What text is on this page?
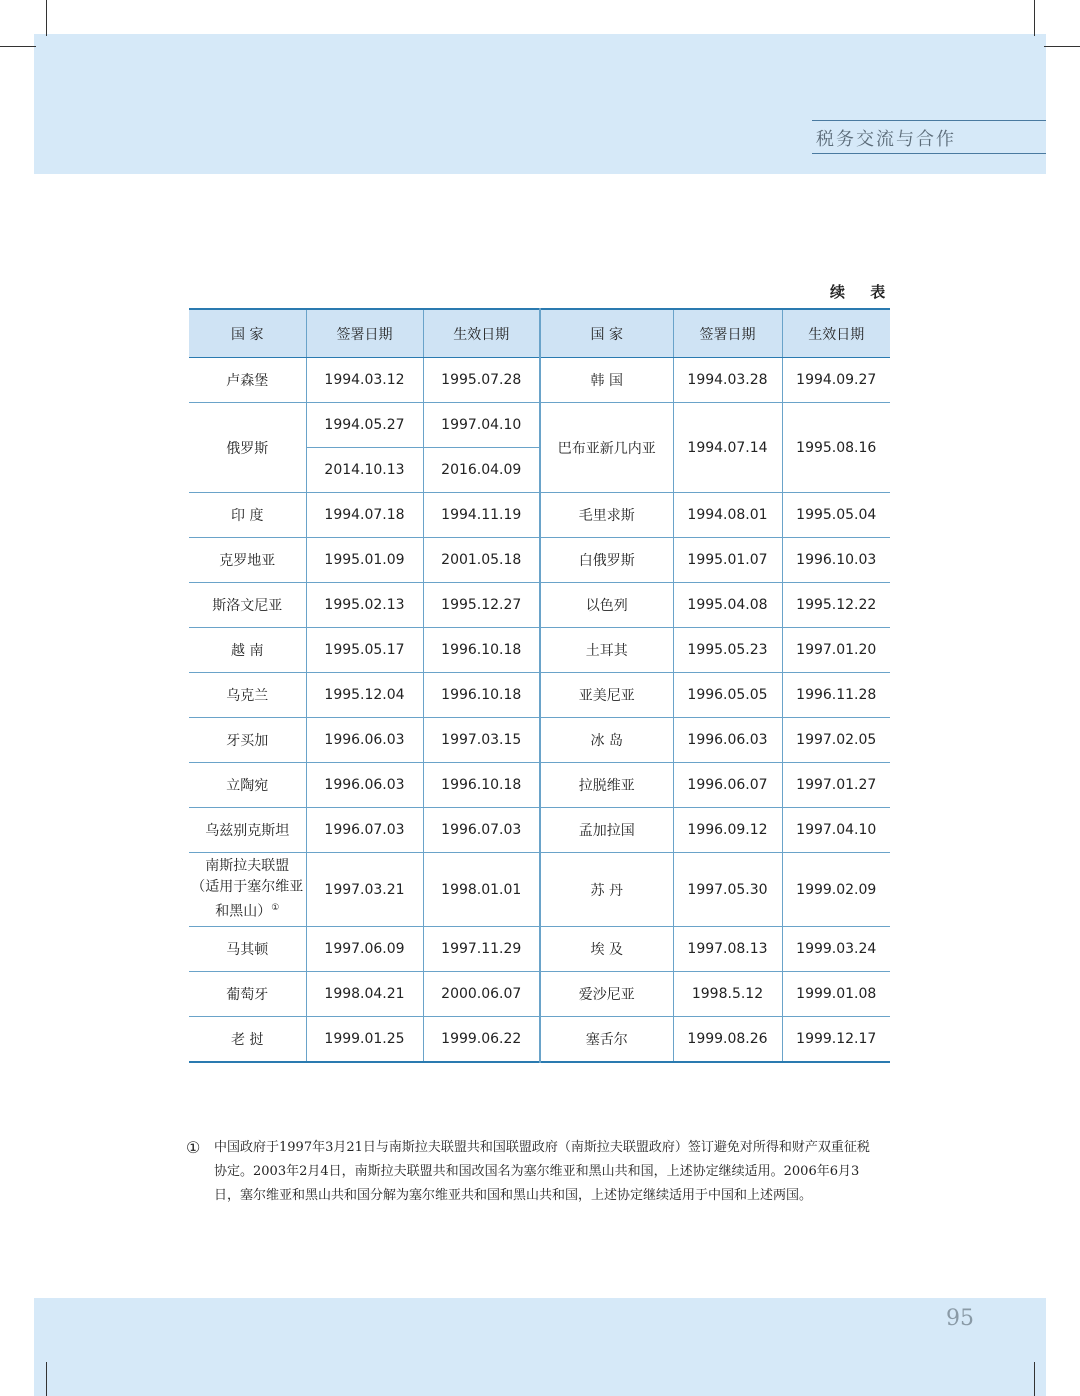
税务交流与合作
续 表
国 家	签署日期	生效日期	国 家	签署日期	生效日期
卢森堡	1994.03.12	1995.07.28	韩 国	1994.03.28	1994.09.27
俄罗斯	1994.05.27	1997.04.10	巴布亚新几内亚	1994.07.14	1995.08.16
	2014.10.13	2016.04.09			
印 度	1994.07.18	1994.11.19	毛里求斯	1994.08.01	1995.05.04
克罗地亚	1995.01.09	2001.05.18	白俄罗斯	1995.01.07	1996.10.03
斯洛文尼亚	1995.02.13	1995.12.27	以色列	1995.04.08	1995.12.22
越 南	1995.05.17	1996.10.18	土耳其	1995.05.23	1997.01.20
乌克兰	1995.12.04	1996.10.18	亚美尼亚	1996.05.05	1996.11.28
牙买加	1996.06.03	1997.03.15	冰 岛	1996.06.03	1997.02.05
立陶宛	1996.06.03	1996.10.18	拉脱维亚	1996.06.07	1997.01.27
乌兹别克斯坦	1996.07.03	1996.07.03	孟加拉国	1996.09.12	1997.04.10

南斯拉夫联盟
（适用于塞尔维亚
和黑山）①	1997.03.21	1998.01.01	苏 丹	1997.05.30	1999.02.09
马其顿	1997.06.09	1997.11.29	埃 及	1997.08.13	1999.03.24
葡萄牙	1998.04.21	2000.06.07	爱沙尼亚	1998.5.12	1999.01.08
老 挝	1999.01.25	1999.06.22	塞舌尔	1999.08.26	1999.12.17
① 中国政府于1997年3月21日与南斯拉夫联盟共和国联盟政府（南斯拉夫联盟政府）签订避免对所得和财产双重征税协定。2003年2月4日，南斯拉夫联盟共和国改国名为塞尔维亚和黑山共和国，上述协定继续适用。2006年6月3日，塞尔维亚和黑山共和国分解为塞尔维亚共和国和黑山共和国，上述协定继续适用于中国和上述两国。
95
